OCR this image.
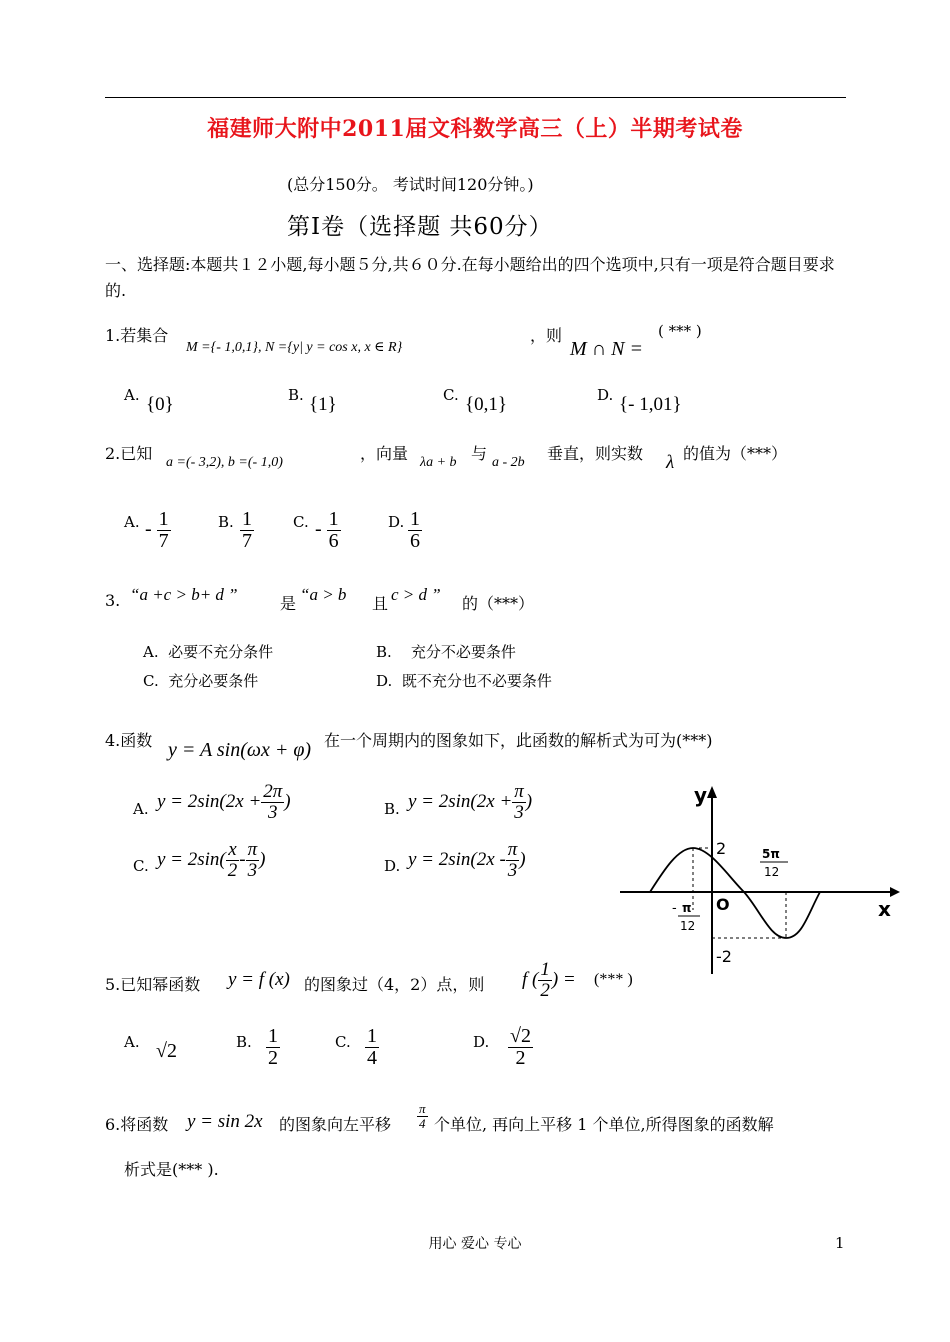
福建师大附中2011届文科数学高三（上）半期考试卷
(总分150分。 考试时间120分钟。)
第Ⅰ卷（选择题 共60分）
一、选择题:本题共１２小题,每小题５分,共６０分.在每小题给出的四个选项中,只有一项是符合题目要求的.
1.若集合
M ={- 1,0,1}, N ={y| y = cos x, x ∈ R}
，则
M ∩ N =
( *** )
A. {0}	B. {1}	C. {0,1}	D. {- 1,01}
2.已知 a =(- 3,2), b =(- 1,0)	，向量 λa + b 与 a - 2b 垂直，则实数 λ 的值为（***）
A. - $\frac{1}{7}$	B. $\frac{1}{7}$	C. - $\frac{1}{6}$	D. $\frac{1}{6}$
3. “a +c > b+ d ”	是 “a > b 且 c > d ” 的（***）
A. 必要不充分条件	B. 充分不必要条件
C. 充分必要条件	D. 既不充分也不必要条件
4.函数 y = A sin(ωx + φ) 在一个周期内的图象如下，此函数的解析式为可为(***)
A. $y = 2\sin(2x + \frac{2\pi}{3}$ )	B. $y = 2\sin(2x + \frac{\pi}{3}$ )
C. $y = 2\sin( \frac{x}{2} - \frac{\pi}{3}$ )	D. $y = 2\sin(2x - \frac{\pi}{3}$ )
y
x
O
2
-2
- π
12
5π
12
5.已知幂函数 y = f (x) 的图象过（4，2）点，则 f ( $\frac{1}{2}$ ) = (*** )
A. √2	B. $\frac{1}{2}$	C. $\frac{1}{4}$	D. $\frac{√2}{2}$
6.将函数 y = sin 2x 的图象向左平移 $\frac{\pi}{4}$ 个单位, 再向上平移 1 个单位,所得图象的函数解
析式是(*** ).
用心 爱心 专心	1
